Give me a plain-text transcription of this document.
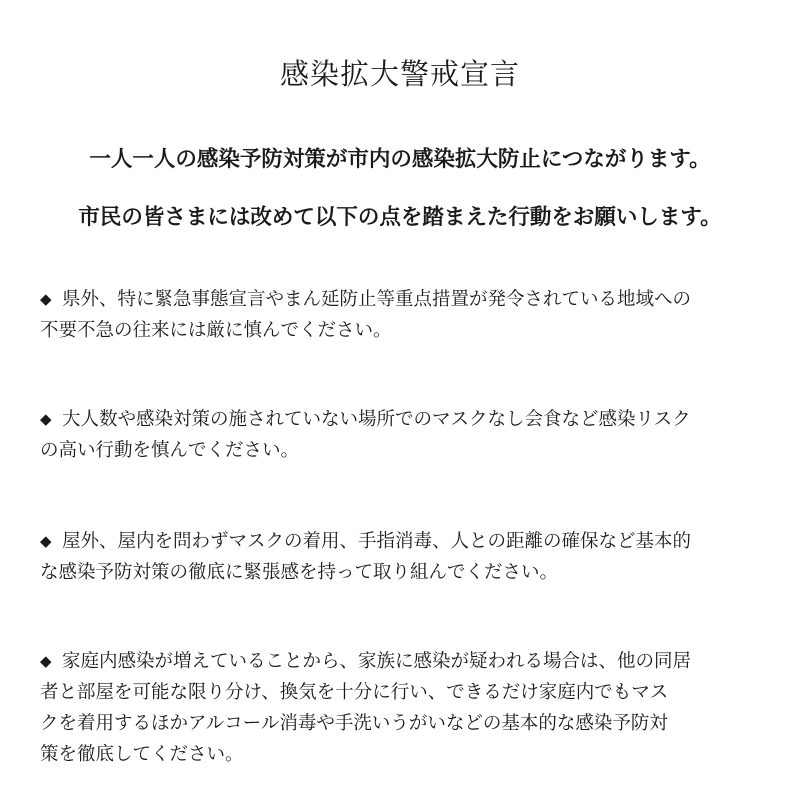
感染拡大警戒宣言

一人一人の感染予防対策が市内の感染拡大防止につながります。

市民の皆さまには改めて以下の点を踏まえた行動をお願いします。

◆ 県外、特に緊急事態宣言やまん延防止等重点措置が発令されている地域への

不要不急の往来には厳に慎んでください。

◆ 大人数や感染対策の施されていない場所でのマスクなし会食など感染リスク

の高い行動を慎んでください。

◆ 屋外、屋内を問わずマスクの着用、手指消毒、人との距離の確保など基本的

な感染予防対策の徹底に緊張感を持って取り組んでください。

◆ 家庭内感染が増えていることから、家族に感染が疑われる場合は、他の同居

者と部屋を可能な限り分け、換気を十分に行い、できるだけ家庭内でもマス

クを着用するほかアルコール消毒や手洗いうがいなどの基本的な感染予防対

策を徹底してください。
